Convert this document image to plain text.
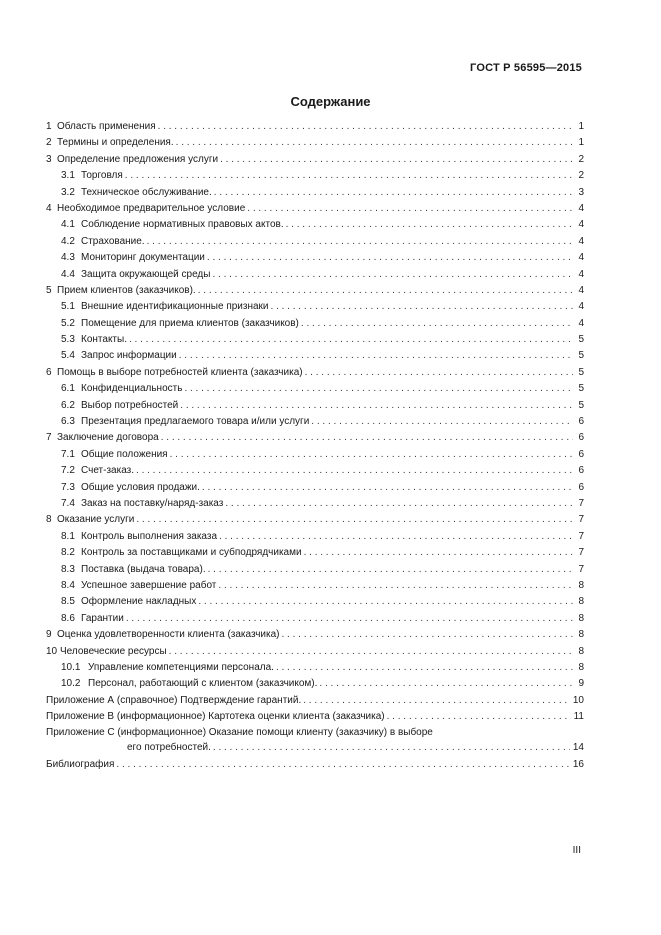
ГОСТ Р 56595—2015
Содержание
1 Область применения . . .	1
2 Термины и определения. . . .	1
3 Определение предложения услуги . . .	2
3.1 Торговля . . .	2
3.2 Техническое обслуживание. . . .	3
4 Необходимое предварительное условие . . .	4
4.1 Соблюдение нормативных правовых актов. . . .	4
4.2 Страхование. . . .	4
4.3 Мониторинг документации . . .	4
4.4 Защита окружающей среды . . .	4
5 Прием клиентов (заказчиков). . . .	4
5.1 Внешние идентификационные признаки . . .	4
5.2 Помещение для приема клиентов (заказчиков) . . .	4
5.3 Контакты. . . .	5
5.4 Запрос информации . . .	5
6 Помощь в выборе потребностей клиента (заказчика) . . .	5
6.1 Конфиденциальность . . .	5
6.2 Выбор потребностей . . .	5
6.3 Презентация предлагаемого товара и/или услуги . . .	6
7 Заключение договора . . .	6
7.1 Общие положения . . .	6
7.2 Счет-заказ. . . .	6
7.3 Общие условия продажи. . . .	6
7.4 Заказ на поставку/наряд-заказ . . .	7
8 Оказание услуги . . .	7
8.1 Контроль выполнения заказа . . .	7
8.2 Контроль за поставщиками и субподрядчиками . . .	7
8.3 Поставка (выдача товара). . . .	7
8.4 Успешное завершение работ . . .	8
8.5 Оформление накладных . . .	8
8.6 Гарантии . . .	8
9 Оценка удовлетворенности клиента (заказчика) . . .	8
10 Человеческие ресурсы . . .	8
10.1 Управление компетенциями персонала. . . .	8
10.2 Персонал, работающий с клиентом (заказчиком). . . .	9
Приложение А (справочное) Подтверждение гарантий. . . .	10
Приложение В (информационное) Картотека оценки клиента (заказчика) . . .	11
Приложение С (информационное) Оказание помощи клиенту (заказчику) в выборе
его потребностей. . . .	14
Библиография . . .	16
III
